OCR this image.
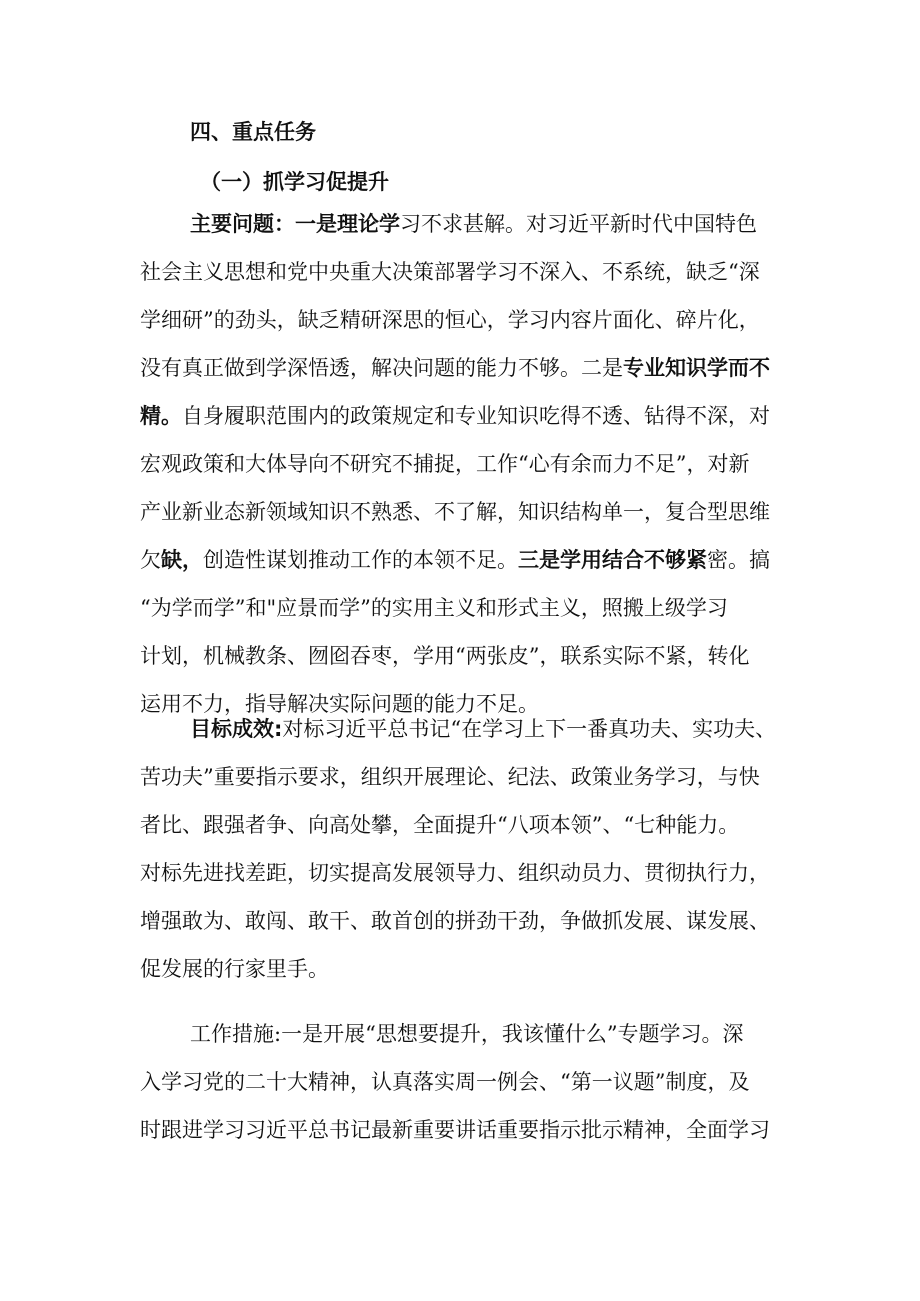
四、重点任务
（一）抓学习促提升
主要问题：一是理论学习不求甚解。对习近平新时代中国特色
社会主义思想和党中央重大决策部署学习不深入、不系统，缺乏“深
学细研”的劲头，缺乏精研深思的恒心，学习内容片面化、碎片化，
没有真正做到学深悟透，解决问题的能力不够。二是专业知识学而不
精。自身履职范围内的政策规定和专业知识吃得不透、钻得不深，对
宏观政策和大体导向不研究不捕捉，工作“心有余而力不足”，对新
产业新业态新领域知识不熟悉、不了解，知识结构单一，复合型思维
欠缺，创造性谋划推动工作的本领不足。三是学用结合不够紧密。搞
“为学而学”和"应景而学”的实用主义和形式主义，照搬上级学习
计划，机械教条、囫囵吞枣，学用“两张皮”，联系实际不紧，转化
运用不力，指导解决实际问题的能力不足。
目标成效:对标习近平总书记“在学习上下一番真功夫、实功夫、
苦功夫”重要指示要求，组织开展理论、纪法、政策业务学习，与快
者比、跟强者争、向高处攀，全面提升“八项本领”、“七种能力。
对标先进找差距，切实提高发展领导力、组织动员力、贯彻执行力，
增强敢为、敢闯、敢干、敢首创的拼劲干劲，争做抓发展、谋发展、
促发展的行家里手。
工作措施:一是开展“思想要提升，我该懂什么”专题学习。深
入学习党的二十大精神，认真落实周一例会、“第一议题”制度，及
时跟进学习习近平总书记最新重要讲话重要指示批示精神，全面学习
